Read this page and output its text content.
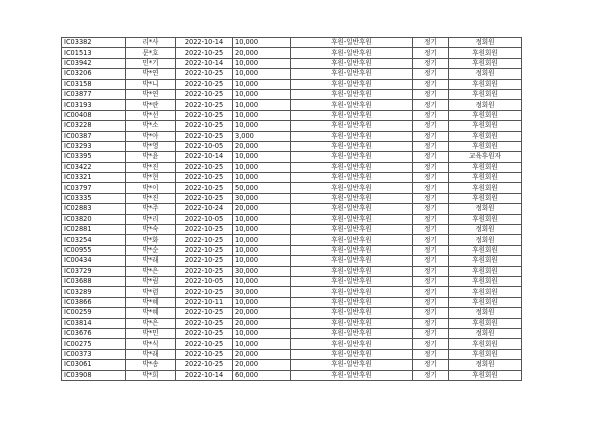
IC03382	리*사	2022-10-14	10,000	후원-일반후원	정기	정회원
IC01513	문*호	2022-10-25	20,000	후원-일반후원	정기	후원회원
IC03942	민*기	2022-10-14	10,000	후원-일반후원	정기	후원회원
IC03206	박*연	2022-10-25	10,000	후원-일반후원	정기	정회원
IC03158	박*니	2022-10-25	10,000	후원-일반후원	정기	후원회원
IC03877	박*연	2022-10-25	10,000	후원-일반후원	정기	후원회원
IC03193	박*란	2022-10-25	10,000	후원-일반후원	정기	정회원
IC00408	박*선	2022-10-25	10,000	후원-일반후원	정기	후원회원
IC03228	박*소	2022-10-25	10,000	후원-일반후원	정기	후원회원
IC00387	박*아	2022-10-25	3,000	후원-일반후원	정기	후원회원
IC03293	박*영	2022-10-05	20,000	후원-일반후원	정기	후원회원
IC03395	박*윤	2022-10-14	10,000	후원-일반후원	정기	교육후원자
IC03422	박*진	2022-10-25	10,000	후원-일반후원	정기	후원회원
IC03321	박*현	2022-10-25	10,000	후원-일반후원	정기	후원회원
IC03797	박*이	2022-10-25	50,000	후원-일반후원	정기	후원회원
IC03335	박*진	2022-10-25	30,000	후원-일반후원	정기	후원회원
IC02883	박*주	2022-10-24	20,000	후원-일반후원	정기	정회원
IC03820	박*리	2022-10-05	10,000	후원-일반후원	정기	후원회원
IC02881	박*숙	2022-10-25	10,000	후원-일반후원	정기	정회원
IC03254	박*화	2022-10-25	10,000	후원-일반후원	정기	정회원
IC00955	박*순	2022-10-25	10,000	후원-일반후원	정기	후원회원
IC00434	박*래	2022-10-25	10,000	후원-일반후원	정기	후원회원
IC03729	박*은	2022-10-25	30,000	후원-일반후원	정기	후원회원
IC03688	박*림	2022-10-05	10,000	후원-일반후원	정기	후원회원
IC03289	박*렴	2022-10-25	30,000	후원-일반후원	정기	후원회원
IC03866	박*혜	2022-10-11	10,000	후원-일반후원	정기	후원회원
IC00259	박*혜	2022-10-25	20,000	후원-일반후원	정기	정회원
IC03814	박*은	2022-10-25	20,000	후원-일반후원	정기	후원회원
IC03676	박*민	2022-10-25	10,000	후원-일반후원	정기	정회원
IC00275	박*식	2022-10-25	10,000	후원-일반후원	정기	후원회원
IC00373	박*래	2022-10-25	20,000	후원-일반후원	정기	후원회원
IC03061	박*송	2022-10-25	20,000	후원-일반후원	정기	정회원
IC03908	박*희	2022-10-14	60,000	후원-일반후원	정기	후원회원
